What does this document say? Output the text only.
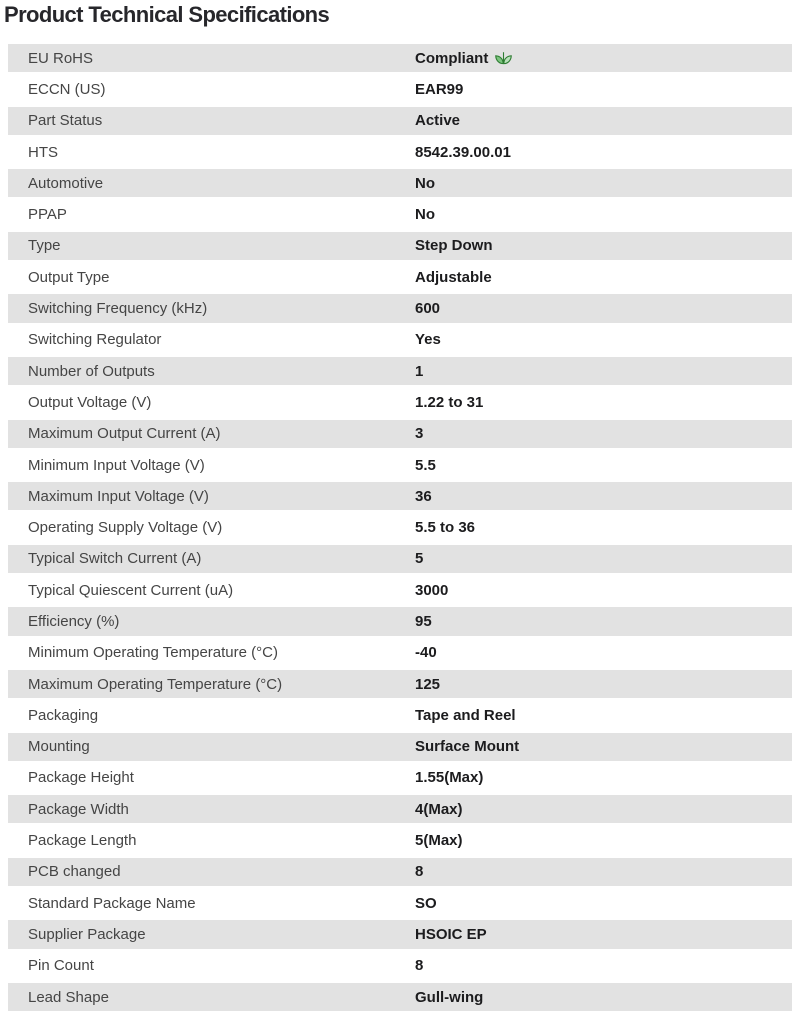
Product Technical Specifications
EU RoHS	Compliant
ECCN (US)	EAR99
Part Status	Active
HTS	8542.39.00.01
Automotive	No
PPAP	No
Type	Step Down
Output Type	Adjustable
Switching Frequency (kHz)	600
Switching Regulator	Yes
Number of Outputs	1
Output Voltage (V)	1.22 to 31
Maximum Output Current (A)	3
Minimum Input Voltage (V)	5.5
Maximum Input Voltage (V)	36
Operating Supply Voltage (V)	5.5 to 36
Typical Switch Current (A)	5
Typical Quiescent Current (uA)	3000
Efficiency (%)	95
Minimum Operating Temperature (°C)	-40
Maximum Operating Temperature (°C)	125
Packaging	Tape and Reel
Mounting	Surface Mount
Package Height	1.55(Max)
Package Width	4(Max)
Package Length	5(Max)
PCB changed	8
Standard Package Name	SO
Supplier Package	HSOIC EP
Pin Count	8
Lead Shape	Gull-wing
